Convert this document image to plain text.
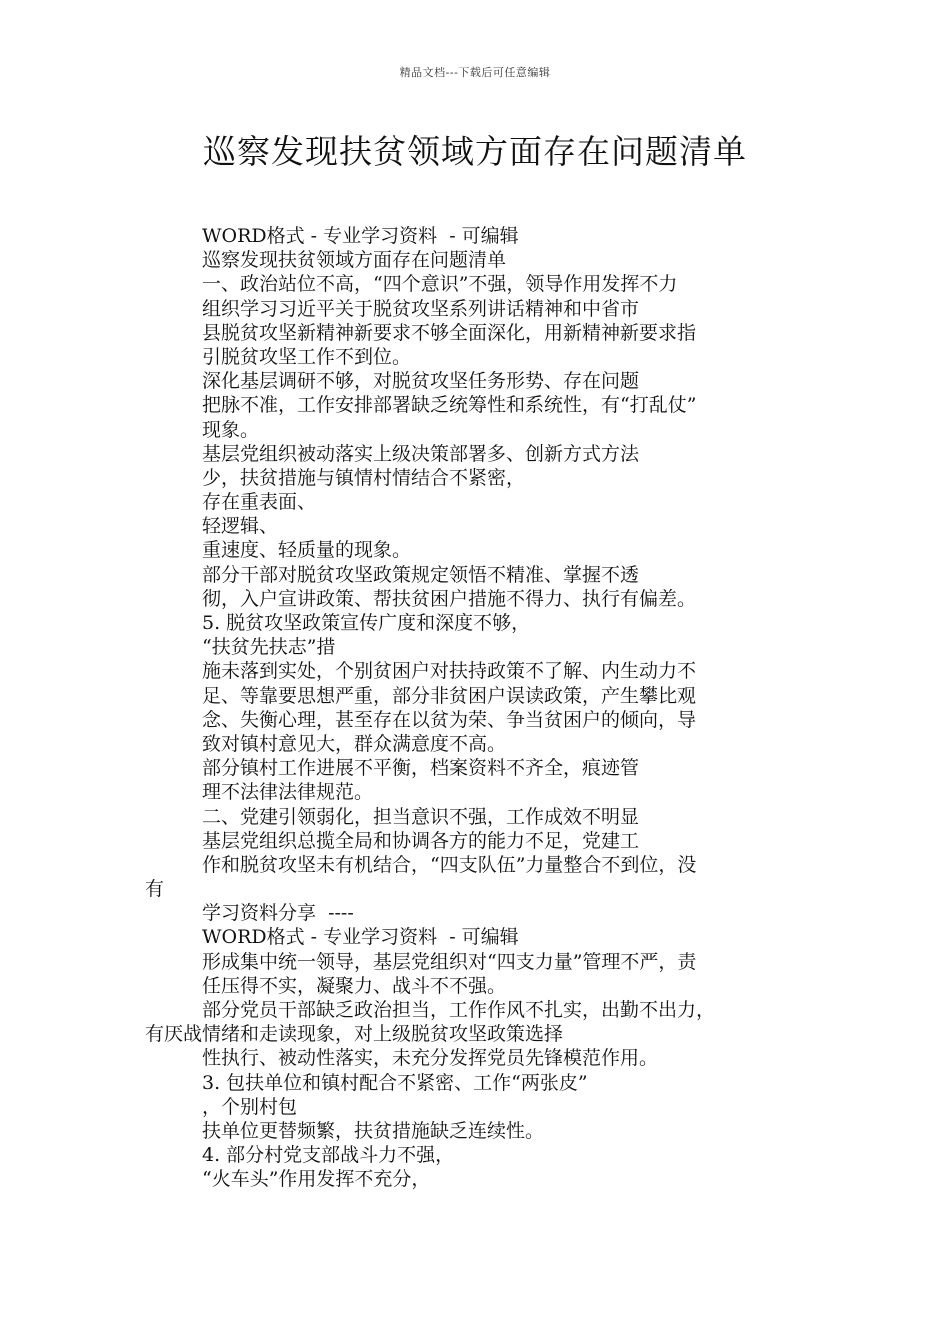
精品文档---下载后可任意编辑
巡察发现扶贫领域方面存在问题清单
WORD格式 - 专业学习资料  - 可编辑
巡察发现扶贫领域方面存在问题清单
一、政治站位不高，“四个意识”不强，领导作用发挥不力
组织学习习近平关于脱贫攻坚系列讲话精神和中省市
县脱贫攻坚新精神新要求不够全面深化，用新精神新要求指
引脱贫攻坚工作不到位。
深化基层调研不够，对脱贫攻坚任务形势、存在问题
把脉不准，工作安排部署缺乏统筹性和系统性，有“打乱仗”
现象。
基层党组织被动落实上级决策部署多、创新方式方法
少，扶贫措施与镇情村情结合不紧密，
存在重表面、
轻逻辑、
重速度、轻质量的现象。
部分干部对脱贫攻坚政策规定领悟不精准、掌握不透
彻，入户宣讲政策、帮扶贫困户措施不得力、执行有偏差。
5. 脱贫攻坚政策宣传广度和深度不够，
“扶贫先扶志”措
施未落到实处，个别贫困户对扶持政策不了解、内生动力不
足、等靠要思想严重，部分非贫困户误读政策，产生攀比观
念、失衡心理，甚至存在以贫为荣、争当贫困户的倾向，导
致对镇村意见大，群众满意度不高。
部分镇村工作进展不平衡，档案资料不齐全，痕迹管
理不法律法律规范。
二、党建引领弱化，担当意识不强，工作成效不明显
基层党组织总揽全局和协调各方的能力不足，党建工
作和脱贫攻坚未有机结合，“四支队伍”力量整合不到位，没
有
学习资料分享  ----
WORD格式 - 专业学习资料  - 可编辑
形成集中统一领导，基层党组织对“四支力量”管理不严，责
任压得不实，凝聚力、战斗不不强。
部分党员干部缺乏政治担当，工作作风不扎实，出勤不出力，
有厌战情绪和走读现象，对上级脱贫攻坚政策选择
性执行、被动性落实，未充分发挥党员先锋模范作用。
3. 包扶单位和镇村配合不紧密、工作“两张皮”
，个别村包
扶单位更替频繁，扶贫措施缺乏连续性。
4. 部分村党支部战斗力不强，
“火车头”作用发挥不充分，
